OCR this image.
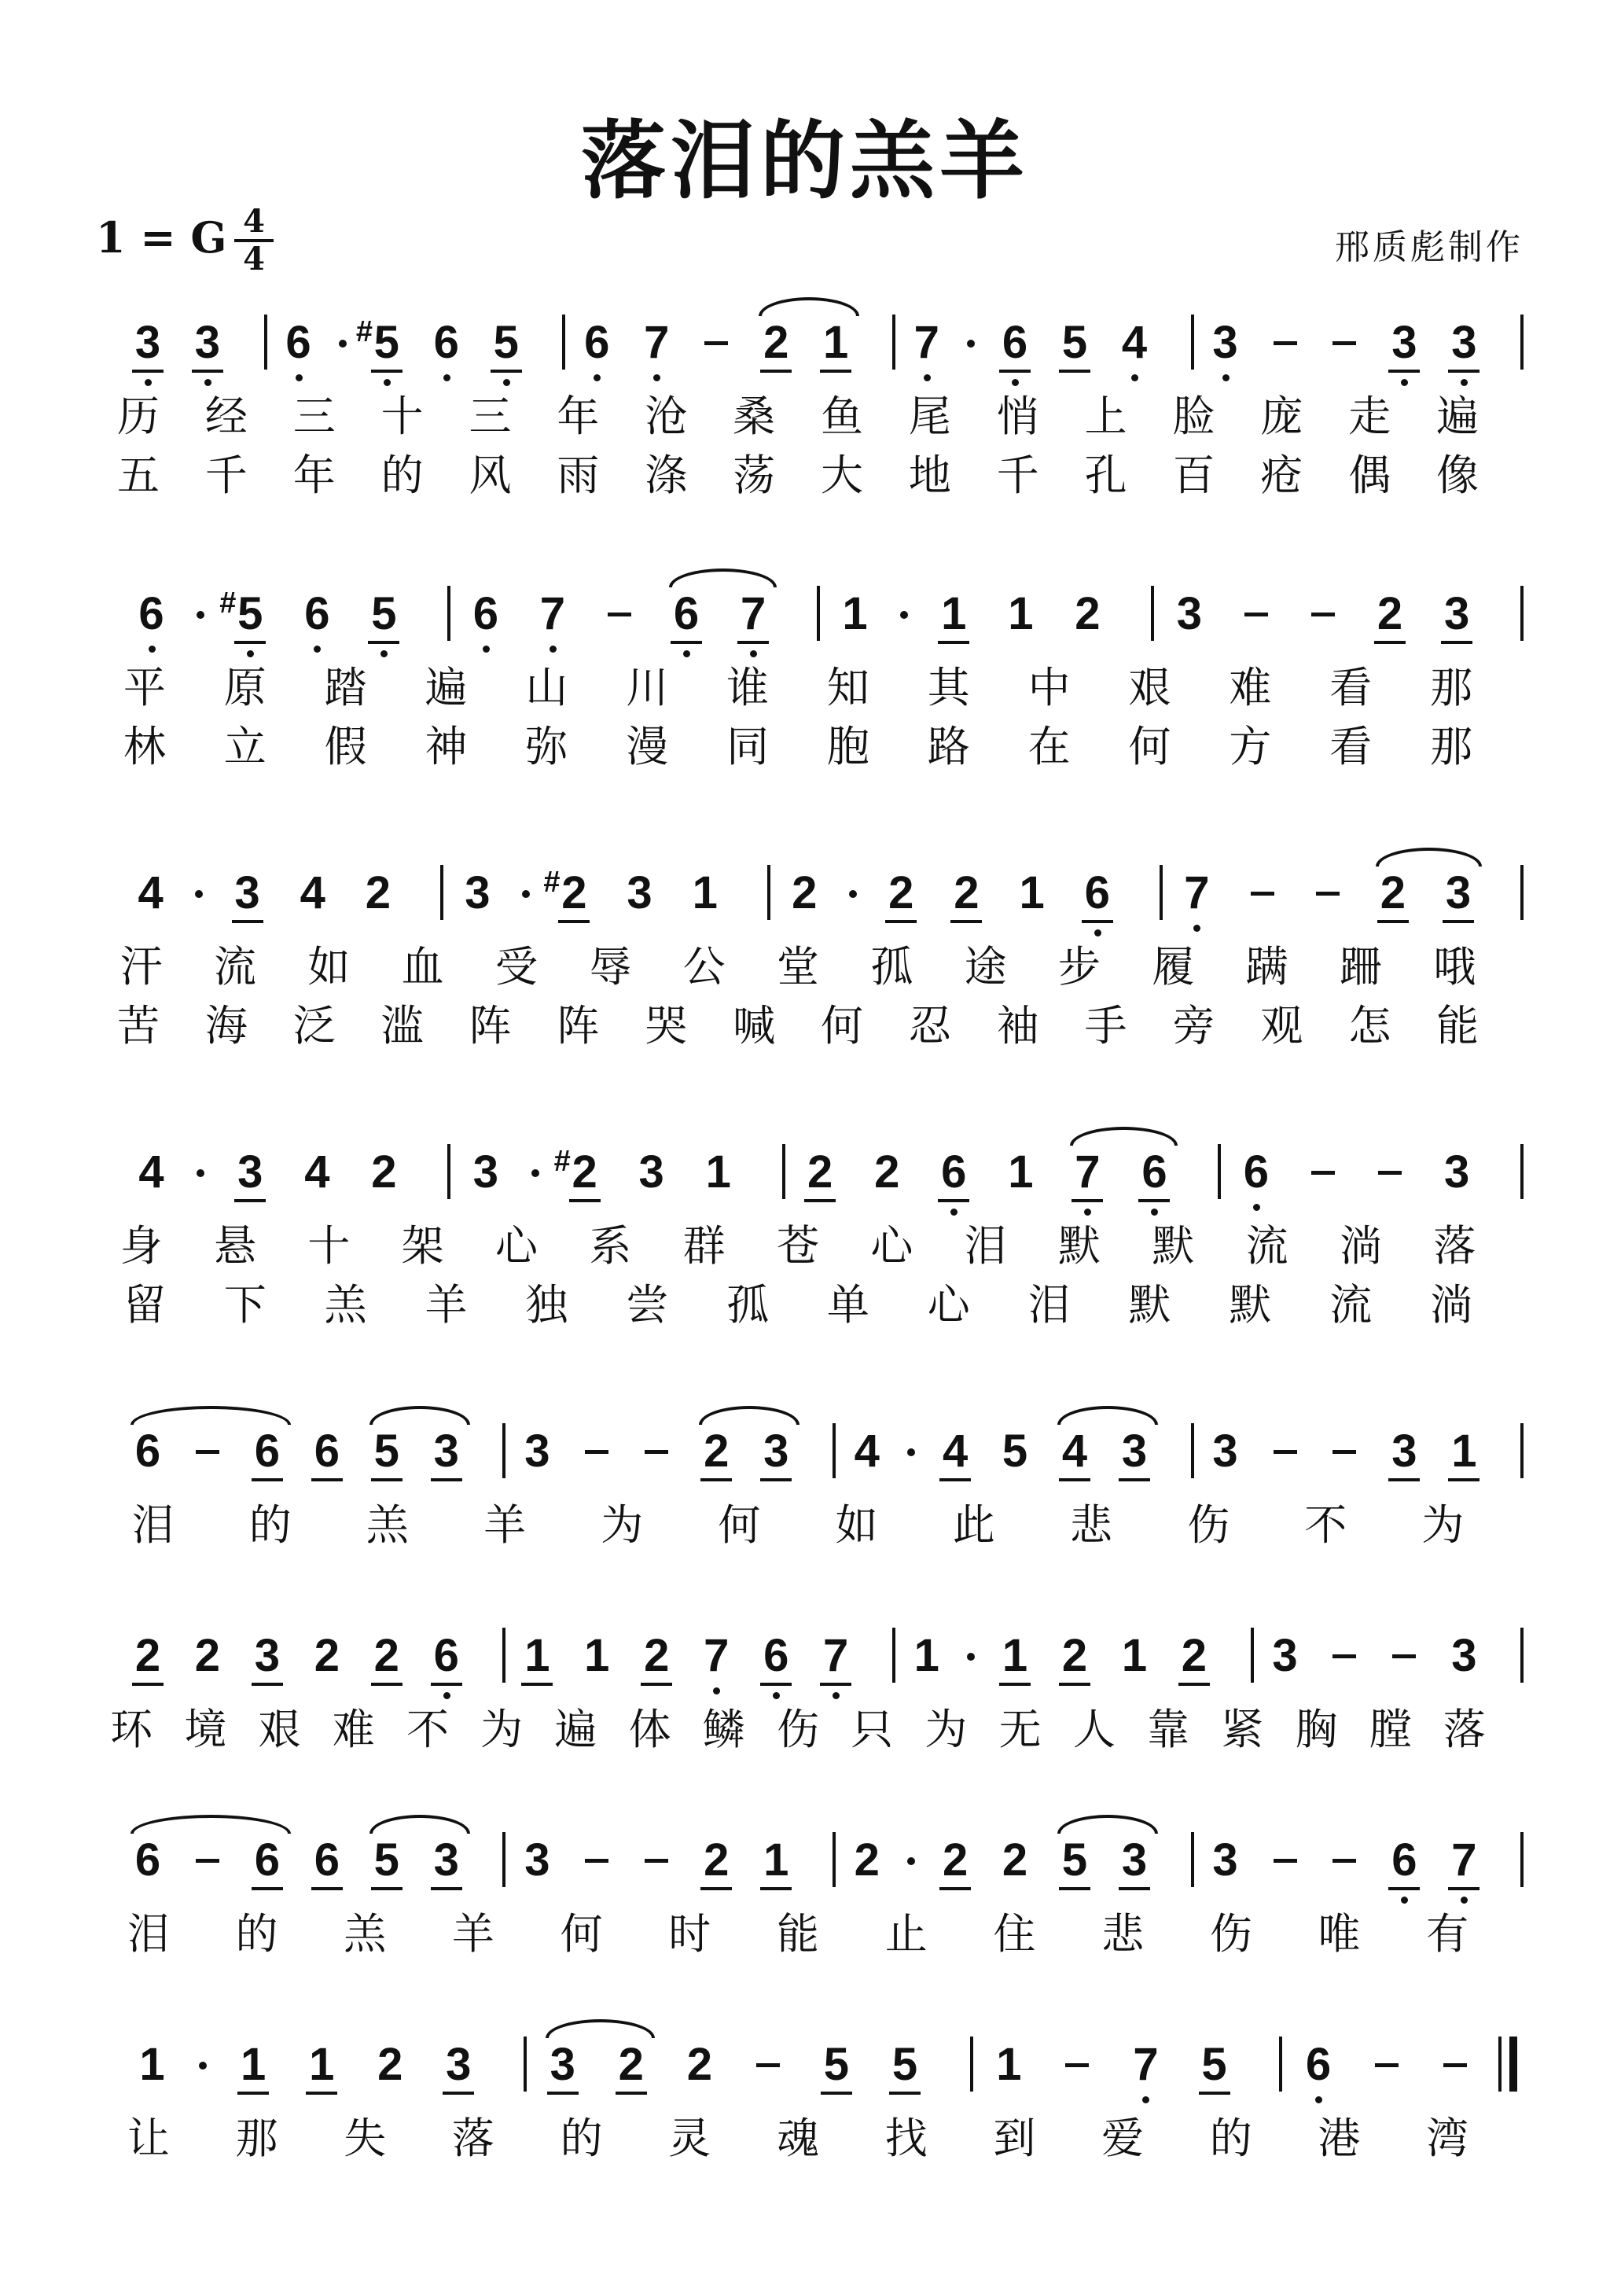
落泪的羔羊
1 = G 4
4	邢质彪制作
3 3 6 5
# 6 5 6 7 2 1 7 6 5 4 3	3 3
历 经 三 十 三 年 沧 桑 鱼 尾 悄 上 脸 庞 走 遍
五 千 年 的 风 雨 涤 荡 大 地 千 孔 百 疮 偶 像
6 5
# 6 5 6 7 6 7 1 1 1 2 3	2 3
平 原 踏 遍 山 川 谁 知 其 中 艰 难 看 那
林 立 假 神 弥 漫 同 胞 路 在 何 方 看 那
4 3 4 2 3 2
# 3 1 2 2 2 1 6 7	2 3
汗 流 如 血 受 辱 公 堂 孤 途 步 履 蹒 跚 哦
苦 海 泛 滥 阵 阵 哭 喊 何 忍 袖 手 旁 观 怎 能
4 3 4 2 3 2
# 3 1 2 2 6 1 7 6 6	3
身 悬 十 架 心 系 群 苍 心 泪 默 默 流 淌 落
留 下 羔 羊 独 尝 孤 单 心 泪 默 默 流 淌
6 6 6 5 3 3	2 3 4 4 5 4 3 3	3 1
泪 的 羔 羊 为 何 如 此 悲 伤 不 为
2 2 3 2 2 6 1 1 2 7 6 7 1 1 2 1 2 3	3
环 境 艰 难 不 为 遍 体 鳞 伤 只 为 无 人 靠 紧 胸 膛 落
6 6 6 5 3 3	2 1 2 2 2 5 3 3	6 7
泪 的 羔 羊 何 时 能 止 住 悲 伤 唯 有
1 1 1 2 3 3 2 2 5 5 1 7 5 6
让 那 失 落 的 灵 魂 找 到 爱 的 港 湾
